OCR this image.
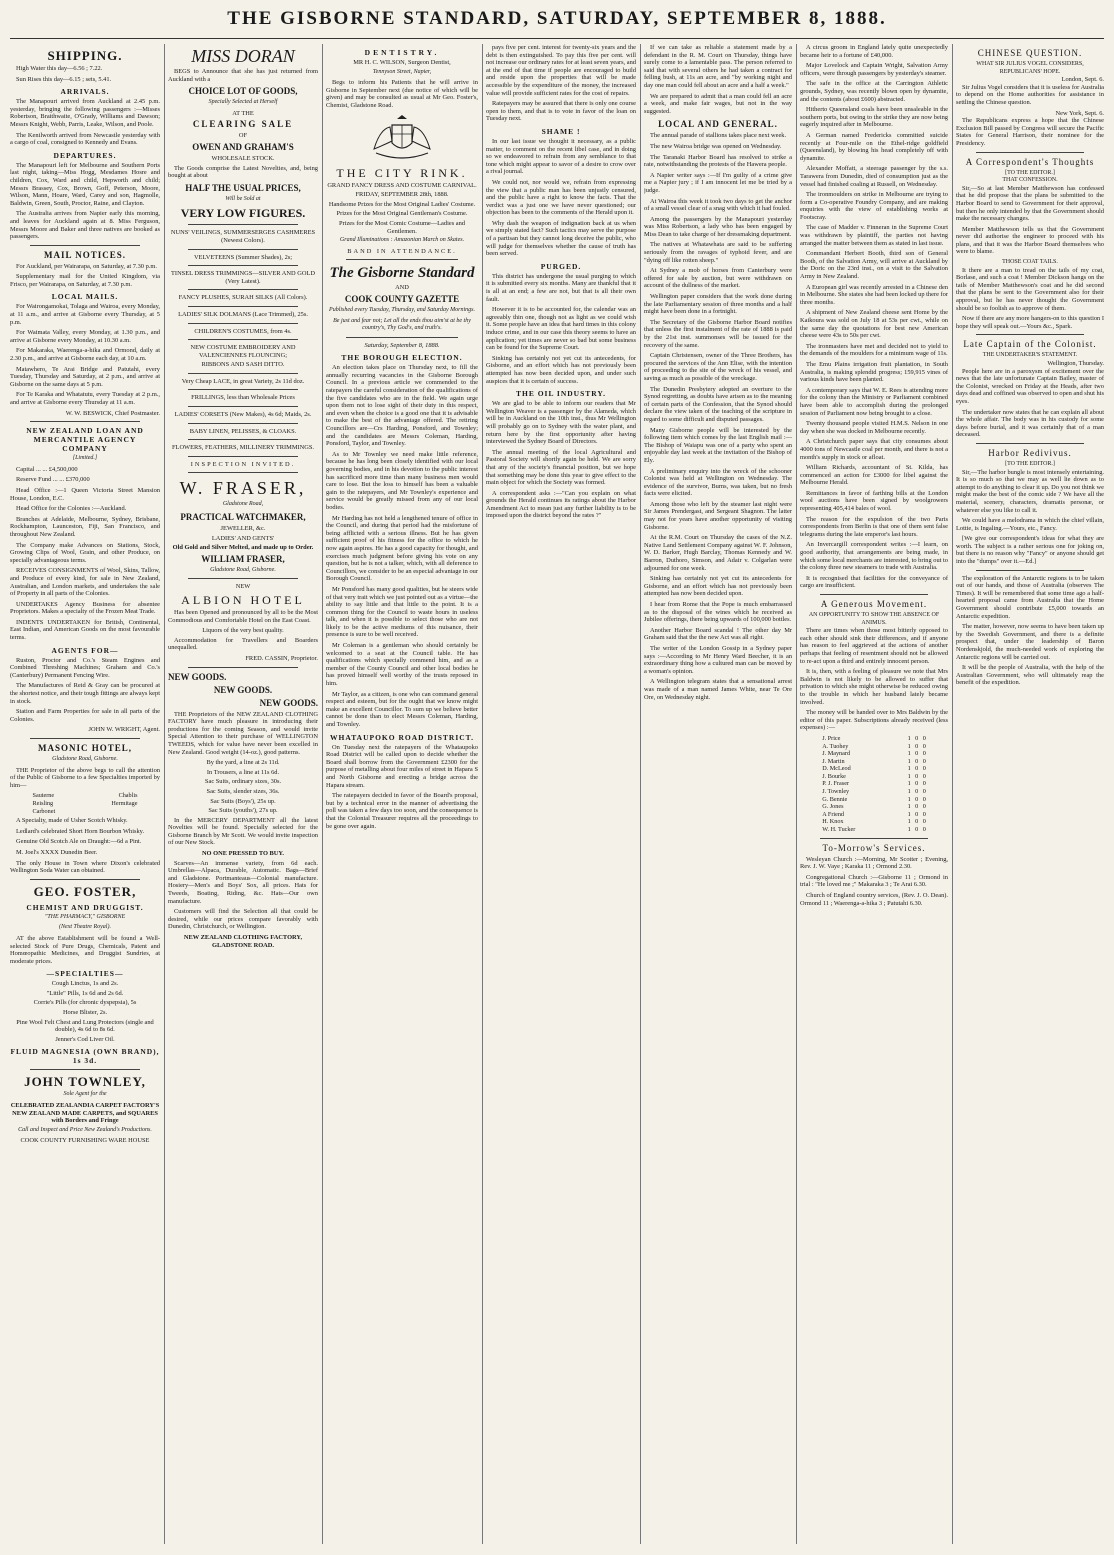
THE GISBORNE STANDARD, SATURDAY, SEPTEMBER 8, 1888.
SHIPPING.

High Water this day—6.56 ; 7.22.

Sun Rises this day—6.15 ; sets, 5.41.

ARRIVALS.

The Manapouri arrived from Auckland at 2.45 p.m. yesterday, bringing the following passengers :—Misses Robertson, Braithwaite, O'Grady, Williams and Dawson; Messrs Knight, Webb, Parris, Leake, Wilson, and Poole.

The Kenilworth arrived from Newcastle yesterday with a cargo of coal, consigned to Kennedy and Evans.

DEPARTURES.

The Manapouri left for Melbourne and Southern Ports last night, taking—Miss Hogg, Mesdames Hosre and children, Cox, Ward and child, Hepworth and child; Messrs Brassey, Cox, Brown, Goff, Peterson, Moore, Wilson, Mann, Hoare, Ward, Carey and son, Hagmolle, Baldwin, Green, South, Proctor, Raine, and Clayton.

The Australia arrives from Napier early this morning, and leaves for Auckland again at 8. Miss Ferguson, Messrs Moore and Baker and three natives are booked as passengers.

MAIL NOTICES.

For Auckland, per Wairarapa, on Saturday, at 7.30 p.m.

Supplementary mail for the United Kingdom, via Frisco, per Wairarapa, on Saturday, at 7.30 p.m.

LOCAL MAILS.

For Wairongamokai, Tolaga and Wairoa, every Monday, at 11 a.m., and arrive at Gisborne every Thursday, at 5 p.m.

For Waimata Valley, every Monday, at 1.30 p.m., and arrive at Gisborne every Monday, at 10.30 a.m.

For Makaraka, Waerenga-a-hika and Ormond, daily at 2.30 p.m., and arrive at Gisborne each day, at 10 a.m.

Matawhero, Te Arai Bridge and Patutahi, every Tuesday, Thursday and Saturday, at 2 p.m., and arrive at Gisborne on the same days at 5 p.m.

For Te Karaka and Whatatutu, every Tuesday at 2 p.m., and arrive at Gisborne every Thursday at 11 a.m.

W. W. BESWICK, Chief Postmaster.
NEW ZEALAND LOAN AND MERCANTILE AGENCY COMPANY
[Limited.]

Capital ... ... £4,500,000

Reserve Fund ... ... £370,000

Head Office :—1 Queen Victoria Street Mansion House, London, E.C.

Head Office for the Colonies :—Auckland.

Branches at Adelaide, Melbourne, Sydney, Brisbane, Rockhampton, Launceston, Fiji, San Francisco, and throughout New Zealand.

The Company make Advances on Stations, Stock, Growing Clips of Wool, Grain, and other Produce, on specially advantageous terms.

RECEIVES CONSIGNMENTS of Wool, Skins, Tallow, and Produce of every kind, for sale in New Zealand, Australian, and London markets, and undertakes the sale of Property in all parts of the Colonies.

UNDERTAKES Agency Business for absentee Proprietors. Makes a specialty of the Frozen Meat Trade.

INDENTS UNDERTAKEN for British, Continental, East Indian, and American Goods on the most favourable terms.

AGENTS FOR—

Ruston, Proctor and Co.'s Steam Engines and Combined Threshing Machines; Graham and Co.'s (Canterbury) Permanent Fencing Wire.

The Manufactures of Reid & Gray can be procured at the shortest notice, and their tough fittings are always kept in stock.

Station and Farm Properties for sale in all parts of the Colonies.

JOHN W. WRIGHT, Agent.
MASONIC HOTEL,
Gladstone Road, Gisborne.

THE Proprietor of the above begs to call the attention of the Public of Gisborne to a few Specialties imported by him—

Sauterne	Chablis
Reisling	Hermitage
Carbonet	

A Specialty, made of Usher Scotch Whisky.

Ledlard's celebrated Short Horn Bourbon Whisky.

Genuine Old Scotch Ale on Draught:—6d a Pint.

M. Joel's XXXX Dunedin Beer.

The only House in Town where Dixon's celebrated Wellington Soda Water can obtained.

GEO. FOSTER,
CHEMIST AND DRUGGIST.
"THE PHARMACY," GISBORNE
(Next Theatre Royal).

AT the above Establishment will be found a Well-selected Stock of Pure Drugs, Chemicals, Patent and Homœopathic Medicines, and Druggist Sundries, at moderate prices.

—SPECIALTIES—
Cough Linctus, 1s and 2s.
"Little" Pills, 1s 6d and 2s 6d.
Corrie's Pills (for chronic dyspepsia), 5s
Horse Blister, 2s.
Pine Wool Felt Chest and Lung Protectors (single and double), 4s 6d to 8s 6d.
Jenner's Cod Liver Oil.
FLUID MAGNESIA (OWN BRAND), 1s 3d.
JOHN TOWNLEY,
Sole Agent for the
CELEBRATED ZEALANDIA CARPET FACTORY'S NEW ZEALAND MADE CARPETS, and SQUARES with Borders and Fringe
Call and Inspect and Price New Zealand's Productions.
COOK COUNTY FURNISHING WARE HOUSE
MISS DORAN

BEGS to Announce that she has just returned from Auckland with a

CHOICE LOT OF GOODS,
Specially Selected at Herself
AT THE
CLEARING SALE
OF
OWEN AND GRAHAM'S
WHOLESALE STOCK.

The Goods comprise the Latest Novelties, and, being bought at about

HALF THE USUAL PRICES,
Will be Sold at
VERY LOW FIGURES.
NUNS' VEILINGS, SUMMERSERGES CASHMERES (Newest Colors).
VELVETEENS (Summer Shades), 2s;
TINSEL DRESS TRIMMINGS—SILVER AND GOLD (Very Latest).
FANCY PLUSHES, SURAH SILKS (All Colors).
LADIES' SILK DOLMANS (Lace Trimmed), 25s.
CHILDREN'S COSTUMES, from 4s.
NEW COSTUME EMBROIDERY AND VALENCIENNES FLOUNCING;
RIBBONS AND SASH DITTO.
Very Cheap LACE, in great Variety, 2s 11d doz.
FRILLINGS, less than Wholesale Prices
LADIES' CORSETS (New Makes), 4s 6d; Maids, 2s.
BABY LINEN, PELISSES, & CLOAKS.
FLOWERS, FEATHERS, MILLINERY TRIMMINGS.
INSPECTION INVITED.
W. FRASER,
Gladstone Road,
PRACTICAL WATCHMAKER,
JEWELLER, &c.
LADIES' AND GENTS'
Old Gold and Silver Melted, and made up to Order.
WILLIAM FRASER,
Gladstone Road, Gisborne.
NEW
ALBION HOTEL

Has been Opened and pronounced by all to be the Most Commodious and Comfortable Hotel on the East Coast.

Liquors of the very best quality.

Accommodation for Travellers and Boarders unequalled.

FRED. CASSIN, Proprietor.
NEW GOODS.
NEW GOODS.
NEW GOODS.

THE Proprietors of the NEW ZEALAND CLOTHING FACTORY have much pleasure in introducing their productions for the coming Season, and would invite Special Attention to their purchase of WELLINGTON TWEEDS, which for value have never been excelled in New Zealand. Good weight (14-oz.), good patterns.

By the yard, a line at 2s 11d.
In Trousers, a line at 11s 6d.
Sac Suits, ordinary sizes, 30s.
Sac Suits, slender sizes, 36s.
Sac Suits (Boys'), 25s up.
Sac Suits (youths'), 27s up.

In the MERCERY DEPARTMENT all the latest Novelties will be found. Specially selected for the Gisborne Branch by Mr Scott. We would invite inspection of our New Stock.

NO ONE PRESSED TO BUY.

Scarves—An immense variety, from 6d each. Umbrellas—Alpaca, Durable, Automatic. Bags—Brief and Gladstone. Portmanteaus—Colonial manufacture. Hosiery—Men's and Boys' Sox, all prices. Hats for Tweeds, Boating, Riding, &c. Hats—Our own manufacture.

Customers will find the Selection all that could be desired, while our prices compare favorably with Dunedin, Christchurch, or Wellington.

NEW ZEALAND CLOTHING FACTORY, GLADSTONE ROAD.
DENTISTRY.
MR H. C. WILSON, Surgeon Dentist,
Tennyson Street, Napier,

Begs to inform his Patients that he will arrive in Gisborne in September next (due notice of which will be given) and may be consulted as usual at Mr Geo. Foster's, Chemist, Gladstone Road.

THE CITY RINK.
GRAND FANCY DRESS AND COSTUME CARNIVAL.
FRIDAY, SEPTEMBER 28th, 1888.
Handsome Prizes for the Most Original Ladies' Costume.
Prizes for the Most Original Gentleman's Costume.
Prizes for the Most Comic Costume—Ladies and Gentlemen.
Grand Illuminations : Amazonian March on Skates.
BAND IN ATTENDANCE.
The Gisborne Standard
AND
COOK COUNTY GAZETTE
Published every Tuesday, Thursday, and Saturday Mornings.
Be just and fear not; Let all the ends thou aim'st at be thy country's, Thy God's, and truth's.
Saturday, September 8, 1888.
THE BOROUGH ELECTION.

An election takes place on Thursday next, to fill the annually recurring vacancies in the Gisborne Borough Council. In a previous article we commended to the ratepayers the careful consideration of the qualifications of the five candidates who are in the field. We again urge upon them not to lose sight of their duty in this respect, and even when the choice is a good one that it is advisable to make the best of the advantage offered. The retiring Councillors are—Crs Harding, Ponsford, and Townley; and the candidates are Messrs Coleman, Harding, Ponsford, Taylor, and Townley.

As to Mr Townley we need make little reference, because he has long been closely identified with our local governing bodies, and in his devotion to the public interest has sacrificed more time than many business men would care to lose. But the loss to himself has been a valuable gain to the ratepayers, and Mr Townley's experience and service would be greatly missed from any of our local bodies.

Mr Harding has not held a lengthened tenure of office in the Council, and during that period had the misfortune of being afflicted with a serious illness. But he has given sufficient proof of his fitness for the office to which he now again aspires. He has a good capacity for thought, and exercises much judgment before giving his vote on any question, but he is not a talker, which, with all deference to Councillors, we consider to be an especial advantage in our Borough Council.

Mr Ponsford has many good qualities, but he steers wide of that very trait which we just pointed out as a virtue—the ability to say little and that little to the point. It is a common thing for the Council to waste hours in useless talk, and when it is possible to select those who are not likely to be the active mediums of this nuisance, their presence is sure to be well received.

Mr Coleman is a gentleman who should certainly be welcomed to a seat at the Council table. He has qualifications which specially commend him, and as a member of the County Council and other local bodies he has proved himself well worthy of the trusts reposed in him.

Mr Taylor, as a citizen, is one who can command general respect and esteem, but for the ought that we know might make an excellent Councillor. To sum up we believe better cannot be done than to elect Messrs Coleman, Harding, and Townley.

WHATAUPOKO ROAD DISTRICT.

On Tuesday next the ratepayers of the Whataupoko Road District will be called upon to decide whether the Board shall borrow from the Government £2300 for the purpose of metalling about four miles of street in Hapara S and North Gisborne and erecting a bridge across the Hapara stream.

The ratepayers decided in favor of the Board's proposal, but by a technical error in the manner of advertising the poll was taken a few days too soon, and the consequence is that the Colonial Treasurer requires all the proceedings to be gone over again.

pays five per cent. interest for twenty-six years and the debt is then extinguished. To pay this five per cent. will not increase our ordinary rates for at least seven years, and at the end of that time if people are encouraged to build and reside upon the properties that will be made accessible by the expenditure of the money, the increased value will provide sufficient rates for the cost of repairs.

Ratepayers may be assured that there is only one course open to them, and that is to vote in favor of the loan on Tuesday next.

SHAME !

In our last issue we thought it necessary, as a public matter, to comment on the recent libel case, and in doing so we endeavored to refrain from any semblance to that tone which might appear to savor of a desire to crow over a rival journal.

We could not, nor would we, refrain from expressing the view that a public man has been unjustly censured, and the public have a right to know the facts. That the verdict was a just one we have never questioned; our objection has been to the comments of the Herald upon it.

Why dash the weapon of indignation back at us when we simply stated fact? Such tactics may serve the purpose of a partisan but they cannot long deceive the public, who will judge for themselves whether the cause of truth has been served.

PURGED.

This district has undergone the usual purging to which it is submitted every six months. Many are thankful that it is all at an end; a few are not, but that is all their own fault.

However it is to be accounted for, the calendar was an agreeably thin one, though not as light as we could wish it. Some people have an idea that hard times in this colony induce crime, and in our case this theory seems to have an application; yet times are never so bad but some business can be found for the Supreme Court.

Sinking has certainly not yet cut its antecedents, for Gisborne, and an effort which has not previously been attempted has now been decided upon, and under such auspices that it is certain of success.

THE OIL INDUSTRY.

We are glad to be able to inform our readers that Mr Wellington Weaver is a passenger by the Alameda, which will be in Auckland on the 10th inst., thus Mr Wellington will probably go on to Sydney with the water plant, and return here by the first opportunity after having interviewed the Sydney Board of Directors.

The annual meeting of the local Agricultural and Pastoral Society will shortly again be held. We are sorry that any of the society's financial position, but we hope that something may be done this year to give effect to the main object for which the Society was formed.

A correspondent asks :—"Can you explain on what grounds the Herald continues its ratings about the Harbor Amendment Act to mean just any further liability is to be imposed upon the district beyond the rates ?"

If we can take as reliable a statement made by a defendant in the R. M. Court on Thursday, things have surely come to a lamentable pass. The person referred to said that with several others he had taken a contract for felling bush, at 11s an acre, and "by working night and day one man could fell about an acre and a half a week."

We are prepared to admit that a man could fell an acre a week, and make fair wages, but not in the way suggested.

LOCAL AND GENERAL.

The annual parade of stallions takes place next week.

The new Wairoa bridge was opened on Wednesday.

The Taranaki Harbor Board has resolved to strike a rate, notwithstanding the protests of the Hawera people.

A Napier writer says :—If I'm guilty of a crime give me a Napier jury ; if I am innocent let me be tried by a judge.

At Wairoa this week it took two days to get the anchor of a small vessel clear of a snag with which it had fouled.

Among the passengers by the Manapouri yesterday was Miss Robertson, a lady who has been engaged by Miss Dean to take charge of her dressmaking department.

The natives at Whatawhata are said to be suffering seriously from the ravages of typhoid fever, and are "dying off like rotten sheep."

At Sydney a mob of horses from Canterbury were offered for sale by auction, but were withdrawn on account of the dullness of the market.

Wellington paper considers that the work done during the late Parliamentary session of three months and a half might have been done in a fortnight.

The Secretary of the Gisborne Harbor Board notifies that unless the first instalment of the rate of 1888 is paid by the 21st inst. summonses will be issued for the recovery of the same.

Captain Christensen, owner of the Three Brothers, has procured the services of the Ann Elise, with the intention of proceeding to the site of the wreck of his vessel, and saving as much as possible of the wreckage.

The Dunedin Presbytery adopted an overture to the Synod regretting, as doubts have arisen as to the meaning of certain parts of the Confession, that the Synod should declare the view taken of the teaching of the scripture in regard to some difficult and disputed passages.

Many Gisborne people will be interested by the following item which comes by the last English mail :—The Bishop of Waiapu was one of a party who spent an enjoyable day last week at the invitation of the Bishop of Ely.

A preliminary enquiry into the wreck of the schooner Colonist was held at Wellington on Wednesday. The evidence of the survivor, Burns, was taken, but no fresh facts were elicited.

Among those who left by the steamer last night were Sir James Prendergast, and Sergeant Shagnon. The latter may not for years have another opportunity of visiting Gisborne.

At the R.M. Court on Thursday the cases of the N.Z. Native Land Settlement Company against W. F. Johnson, W. D. Barker, Hugh Barclay, Thomas Kennedy and W. Barron, Duthoro, Simson, and Adair v. Colgarlan were adjourned for one week.

Sinking has certainly not yet cut its antecedents for Gisborne, and an effort which has not previously been attempted has now been decided upon.

I hear from Rome that the Pope is much embarrassed as to the disposal of the wines which he received as Jubilee offerings, there being upwards of 100,000 bottles.

Another Harbor Board scandal ! The other day Mr Graham said that the the new Act was all right.

The writer of the London Gossip in a Sydney paper says :—According to Mr Henry Ward Beecher, it is an extraordinary thing how a cultured man can be moved by a woman's opinion.

A Wellington telegram states that a sensational arrest was made of a man named James White, near Te Ore Ore, on Wednesday night.

A circus groom in England lately quite unexpectedly became heir to a fortune of £40,000.

Major Lovelock and Captain Wright, Salvation Army officers, were through passengers by yesterday's steamer.

The safe in the office at the Carrington Athletic grounds, Sydney, was recently blown open by dynamite, and the contents (about £600) abstracted.

Hitherto Queensland coals have been unsaleable in the southern ports, but owing to the strike they are now being eagerly inquired after in Melbourne.

A German named Fredericks committed suicide recently at Four-mile on the Ethel-ridge goldfield (Queensland), by blowing his head completely off with dynamite.

Alexander Moffatt, a steerage passenger by the s.s. Tarawera from Dunedin, died of consumption just as the vessel had finished coaling at Russell, on Wednesday.

The ironmoulders on strike in Melbourne are trying to form a Co-operative Foundry Company, and are making enquiries with the view of establishing works at Footscray.

The case of Madder v. Finneran in the Supreme Court was withdrawn by plaintiff, the parties not having arranged the matter between them as stated in last issue.

Commandant Herbert Booth, third son of General Booth, of the Salvation Army, will arrive at Auckland by the Doric on the 23rd inst., on a visit to the Salvation Army in New Zealand.

A European girl was recently arrested in a Chinese den in Melbourne. She states she had been locked up there for three months.

A shipment of New Zealand cheese sent Home by the Kaikoura was sold on July 18 at 53s per cwt., while on the same day the quotations for best new American cheese were 43s to 50s per cwt.

The ironmasters have met and decided not to yield to the demands of the moulders for a minimum wage of 11s.

The Emu Plains irrigation fruit plantation, in South Australia, is making splendid progress; 159,915 vines of various kinds have been planted.

A contemporary says that W. E. Rees is attending more for the colony than the Ministry or Parliament combined have been able to accomplish during the prolonged session of Parliament now being brought to a close.

Twenty thousand people visited H.M.S. Nelson in one day when she was docked in Melbourne recently.

A Christchurch paper says that city consumes about 4000 tons of Newcastle coal per month, and there is not a month's supply in stock or afloat.

William Richards, accountant of St. Kilda, has commenced an action for £3000 for libel against the Melbourne Herald.

Remittances in favor of farthing bills at the London wool auctions have been signed by woolgrowers representing 405,414 bales of wool.

The reason for the expulsion of the two Paris correspondents from Berlin is that one of them sent false telegrams during the late emperor's last hours.

An Invercargill correspondent writes :—I learn, on good authority, that arrangements are being made, in which some local merchants are interested, to bring out to the colony three new steamers to trade with Australia.

It is recognised that facilities for the conveyance of cargo are insufficient.

A Generous Movement.
AN OPPORTUNITY TO SHOW THE ABSENCE OF ANIMUS.

There are times when those most bitterly opposed to each other should sink their differences, and if anyone has reason to feel aggrieved at the actions of another perhaps that feeling of resentment should not be allowed to re-act upon a third and entirely innocent person.

It is, then, with a feeling of pleasure we note that Mrs Baldwin is not likely to be allowed to suffer that privation to which she might otherwise be reduced owing to the trouble in which her husband lately became involved.

The money will be handed over to Mrs Baldwin by the editor of this paper. Subscriptions already received (less expenses) :—

J. Price	1	0	0
A. Tuohey	1	0	0
J. Maynard	1	0	0
J. Martin	1	0	0
D. McLeod	1	0	0
J. Bourke	1	0	0
P. J. Fraser	1	0	0
J. Townley	1	0	0
G. Bennie	1	0	0
G. Jones	1	0	0
A Friend	1	0	0
H. Knox	1	0	0
W. H. Tucker	1	0	0
To-Morrow's Services.

Wesleyan Church :—Morning, Mr Scotter ; Evening, Rev. J. W. Vaye ; Karaka 11 ; Ormond 2.30.

Congregational Church :—Gisborne 11 ; Ormond in trial : "He loved me ;" Makaraka 3 ; Te Arai 6.30.

Church of England country services, (Rev. J. O. Dean). Ormond 11 ; Waerenga-a-hika 3 ; Patutahi 6.30.

CHINESE QUESTION.
WHAT SIR JULIUS VOGEL CONSIDERS, REPUBLICANS' HOPE.
London, Sept. 6.

Sir Julius Vogel considers that it is useless for Australia to depend on the Home authorities for assistance in settling the Chinese question.

New York, Sept. 6.

The Republicans express a hope that the Chinese Exclusion Bill passed by Congress will secure the Pacific States for General Harrison, their nominee for the Presidency.

A Correspondent's Thoughts
[TO THE EDITOR.]
THAT CONFESSION.

Sir,—So at last Member Matthewson has confessed that he did propose that the plans be submitted to the Harbor Board to send to Government for their approval, but then he only intended by that the Government should make the necessary changes.

Member Matthewson tells us that the Government never did authorise the engineer to proceed with his plans, and that it was the Harbor Board themselves who were to blame.

THOSE COAT TAILS.

It there are a man to tread on the tails of my coat, Borlase, and such a coat ! Member Dickson hangs on the tails of Member Matthewson's coat and he did second that the plans be sent to the Government also for their approval, but he has never thought the Government should be so foolish as to approve of them.

Now if there are any more hangers-on to this question I hope they will speak out.—Yours &c., Spark.

Late Captain of the Colonist.
THE UNDERTAKER'S STATEMENT.
Wellington, Thursday.

People here are in a paroxysm of excitement over the news that the late unfortunate Captain Bailey, master of the Colonist, wrecked on Friday at the Heads, after two days dead and coffined was observed to open and shut his eyes.

The undertaker now states that he can explain all about the whole affair. The body was in his custody for some days before burial, and it was certainly that of a man deceased.

Harbor Redivivus.
[TO THE EDITOR.]

Sir,—The harbor bungle is most intensely entertaining. It is so much so that we may as well lie down as to attempt to do anything to clear it up. Do you not think we might make the best of the comic side ? We have all the material, scenery, characters, dramatis personæ, or whatever else you like to call it.

We could have a melodrama in which the chief villain, Lottie, is Ingaling.—Yours, etc., Fancy.

[We give our correspondent's ideas for what they are worth. The subject is a rather serious one for joking on, but there is no reason why "Fancy" or anyone should get into the "dumps" over it.—Ed.]

The exploration of the Antarctic regions is to be taken out of our hands, and those of Australia (observes The Times). It will be remembered that some time ago a half-hearted proposal came from Australia that the Home Government should contribute £5,000 towards an Antarctic expedition.

The matter, however, now seems to have been taken up by the Swedish Government, and there is a definite prospect that, under the leadership of Baron Nordenskjold, the much-needed work of exploring the Antarctic regions will be carried out.

It will be the people of Australia, with the help of the Australian Government, who will ultimately reap the benefit of the expedition.
